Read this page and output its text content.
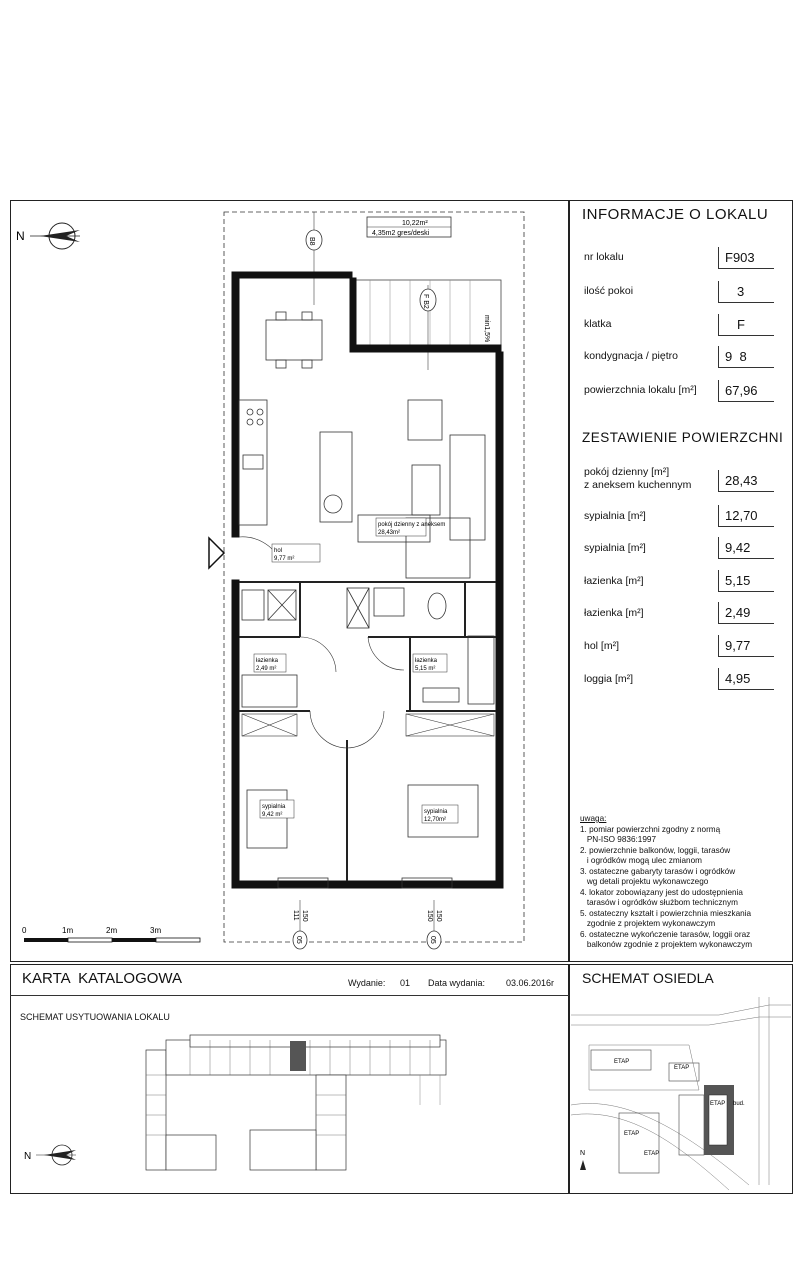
INFORMACJE O LOKALU
nr lokalu	F903
ilość pokoi	3
klatka	F
kondygnacja / piętro	9  8
powierzchnia lokalu [m²]	67,96
ZESTAWIENIE POWIERZCHNI
pokój dzienny [m²]
z aneksem kuchennym	28,43
sypialnia [m²]	12,70
sypialnia [m²]	9,42
łazienka [m²]	5,15
łazienka [m²]	2,49
hol [m²]	9,77
loggia [m²]	4,95
uwaga:
1. pomiar powierzchni zgodny z normą
PN-ISO 9836:1997
2. powierzchnie balkonów, loggii, tarasów
i ogródków mogą ulec zmianom
3. ostateczne gabaryty tarasów i ogródków
wg detali projektu wykonawczego
4. lokator zobowiązany jest do udostępnienia
tarasów i ogródków służbom technicznym
5. ostateczny kształt i powierzchnia mieszkania
zgodnie z projektem wykonawczym
6. ostateczne wykończenie tarasów, loggii oraz
balkonów zgodnie z projektem wykonawczym
N
10,22m²
4,35m2 gres/deski
min1,5%
B8
F B2
pokój dzienny z aneksem
28,43m²
hol
9,77 m²
łazienka
2,49 m²
łazienka
5,15 m²
sypialnia
9,42 m²	sypialnia
12,70m²
05
111 150
05
150 150
0	1m	2m	3m
KARTA  KATALOGOWA	Wydanie: 01 Data wydania: 03.06.2016r SCHEMAT OSIEDLA
SCHEMAT USYTUOWANIA LOKALU
N
ETAP
ETAP
ETAP
ETAP
ETAP bud.
N
